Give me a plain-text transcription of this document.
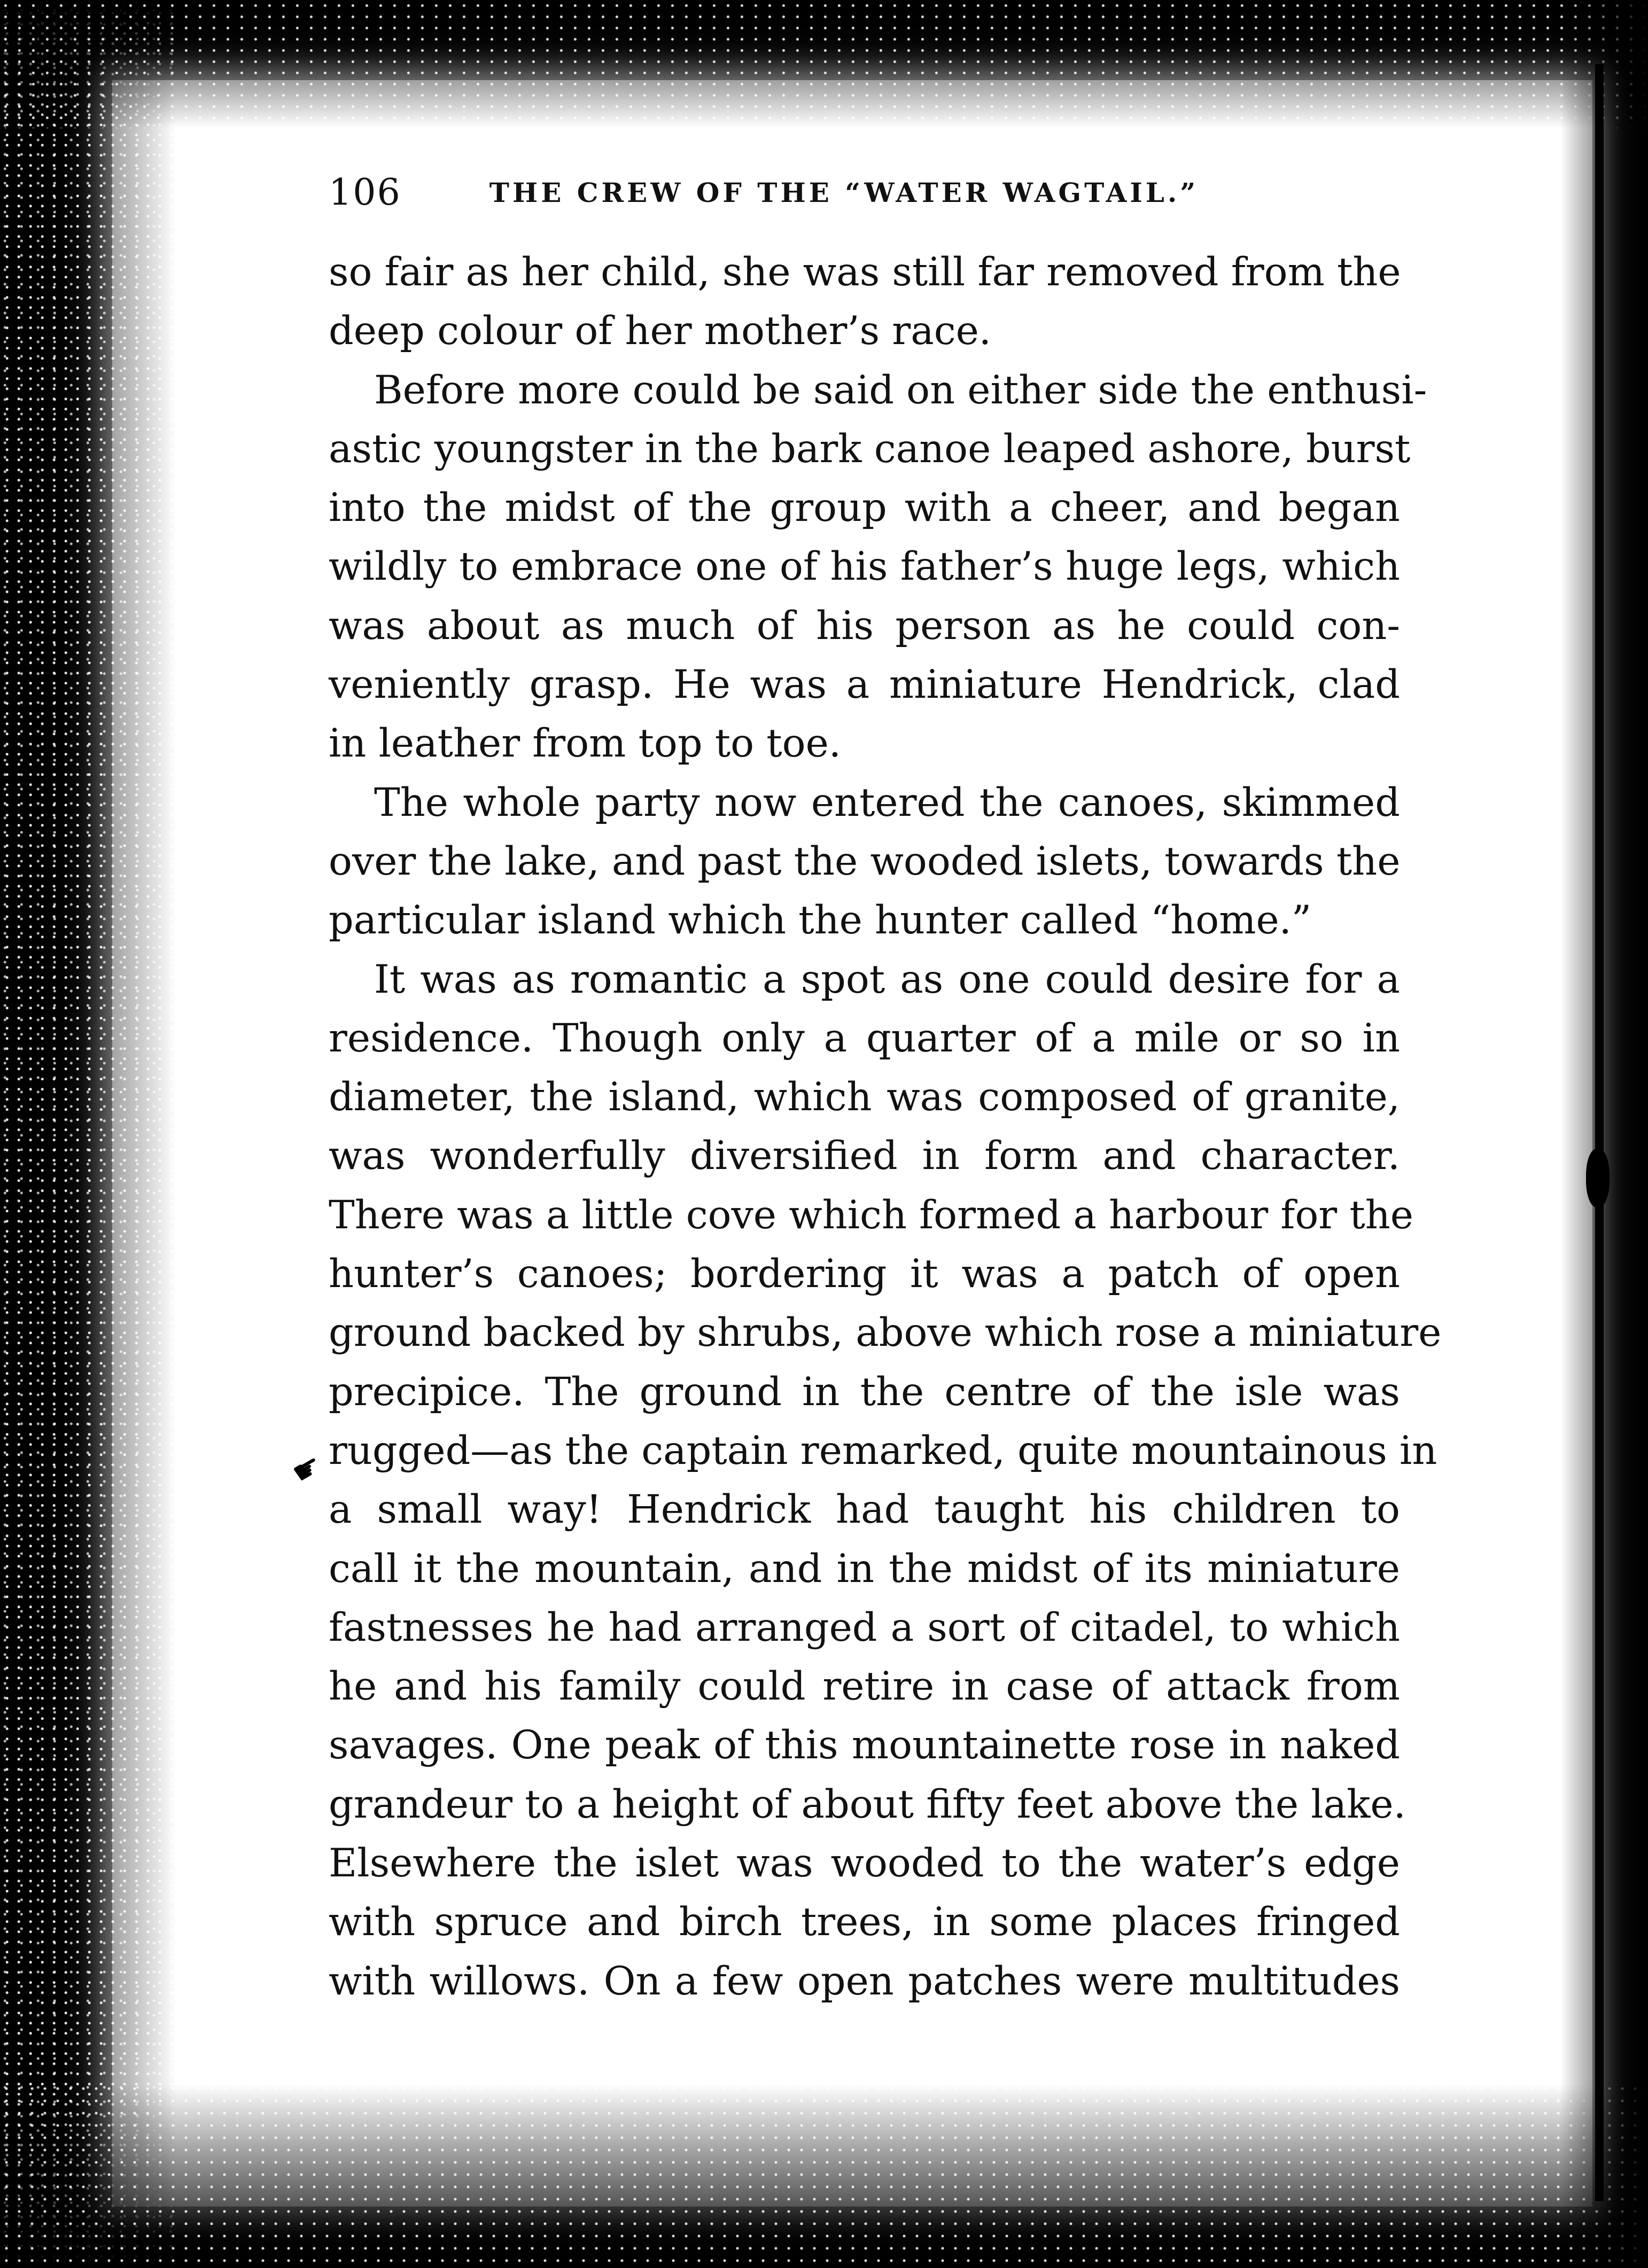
106	THE CREW OF THE “WATER WAGTAIL.”
so fair as her child, she was still far removed from the
deep colour of her mother’s race.
Before more could be said on either side the enthusi-
astic youngster in the bark canoe leaped ashore, burst
into the midst of the group with a cheer, and began
wildly to embrace one of his father’s huge legs, which
was about as much of his person as he could con-
veniently grasp. He was a miniature Hendrick, clad
in leather from top to toe.
The whole party now entered the canoes, skimmed
over the lake, and past the wooded islets, towards the
particular island which the hunter called “home.”
It was as romantic a spot as one could desire for a
residence. Though only a quarter of a mile or so in
diameter, the island, which was composed of granite,
was wonderfully diversified in form and character.
There was a little cove which formed a harbour for the
hunter’s canoes; bordering it was a patch of open
ground backed by shrubs, above which rose a miniature
precipice. The ground in the centre of the isle was
rugged—as the captain remarked, quite mountainous in
a small way! Hendrick had taught his children to
call it the mountain, and in the midst of its miniature
fastnesses he had arranged a sort of citadel, to which
he and his family could retire in case of attack from
savages. One peak of this mountainette rose in naked
grandeur to a height of about fifty feet above the lake.
Elsewhere the islet was wooded to the water’s edge
with spruce and birch trees, in some places fringed
with willows. On a few open patches were multitudes
☛
